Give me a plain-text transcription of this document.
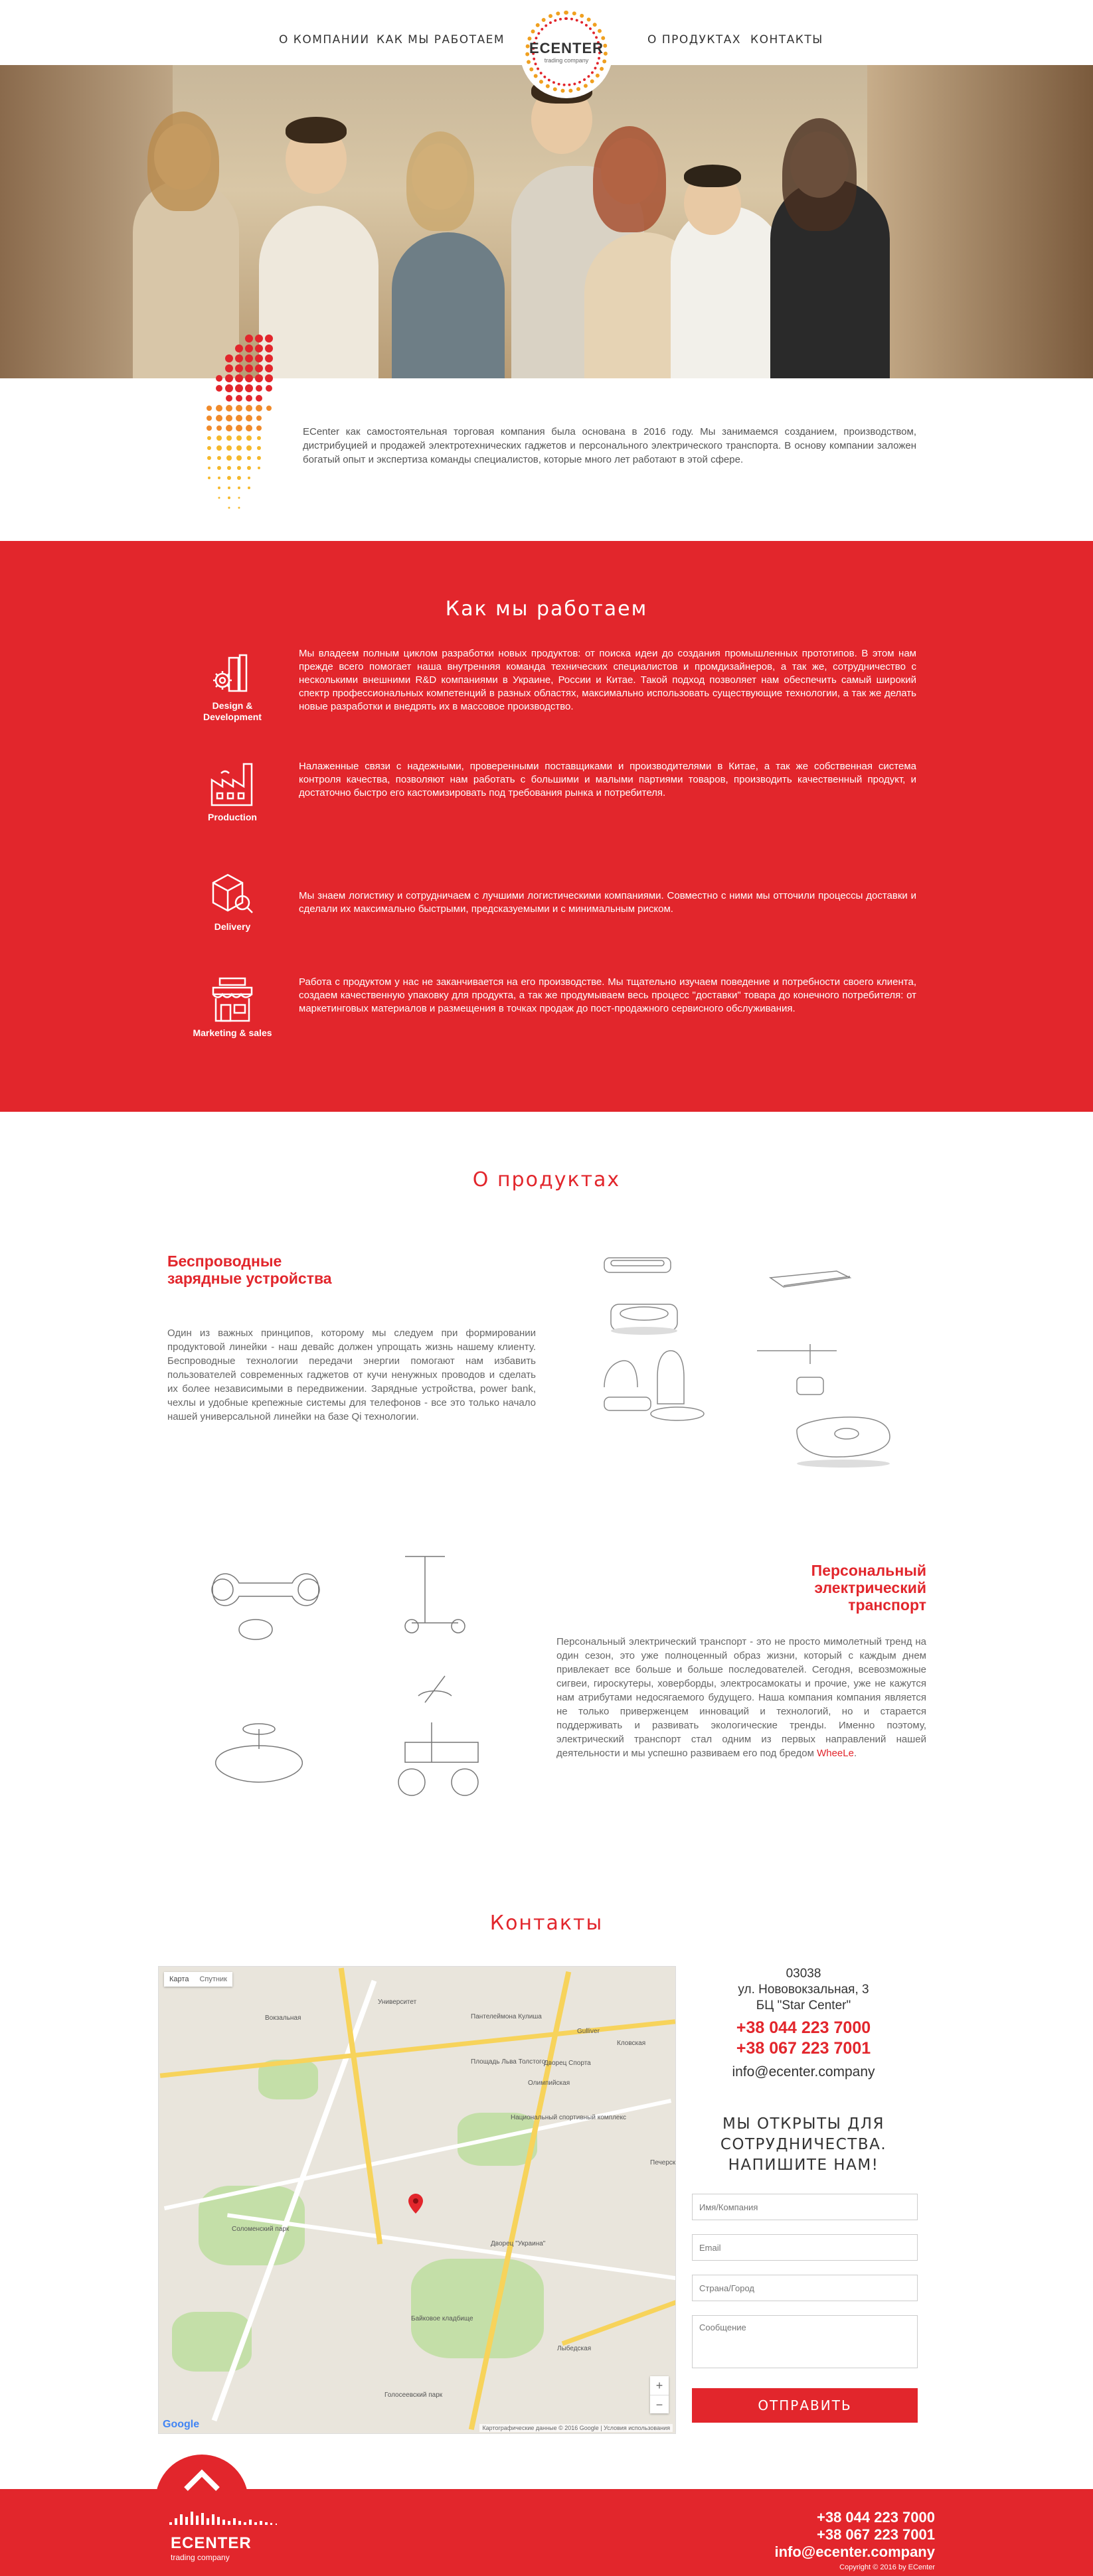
О КОМПАНИИ КАК МЫ РАБОТАЕМ	О ПРОДУКТАХ КОНТАКТЫ
ECENTER
trading company

ECenter как самостоятельная торговая компания была основана в 2016 году. Мы занимаемся созданием, производством, дистрибуцией и продажей электротехнических гаджетов и персонального электрического транспорта. В основу компании заложен богатый опыт и экспертиза команды специалистов, которые много лет работают в этой сфере.

Как мы работаем
Design & Development

Мы владеем полным циклом разработки новых продуктов: от поиска идеи до создания промышленных прототипов. В этом нам прежде всего помогает наша внутренняя команда технических специалистов и промдизайнеров, а так же, сотрудничество с несколькими внешними R&D компаниями в Украине, России и Китае. Такой подход позволяет нам обеспечить самый широкий спектр профессиональных компетенций в разных областях, максимально использовать существующие технологии, а так же делать новые разработки и внедрять их в массовое производство.

Production

Налаженные связи с надежными, проверенными поставщиками и производителями в Китае, а так же собственная система контроля качества, позволяют нам работать с большими и малыми партиями товаров, производить качественный продукт, и достаточно быстро его кастомизировать под требования рынка и потребителя.

Delivery

Мы знаем логистику и сотрудничаем с лучшими логистическими компаниями. Совместно с ними мы отточили процессы доставки и сделали их максимально быстрыми, предсказуемыми и с минимальным риском.

Marketing & sales

Работа с продуктом у нас не заканчивается на его производстве. Мы тщательно изучаем поведение и потребности своего клиента, создаем качественную упаковку для продукта, а так же продумываем весь процесс "доставки" товара до конечного потребителя: от маркетинговых материалов и размещения в точках продаж до пост-продажного сервисного обслуживания.

О продуктах
Беспроводные зарядные устройства
Один из важных принципов, которому мы следуем при формировании продуктовой линейки - наш девайс должен упрощать жизнь нашему клиенту. Беспроводные технологии передачи энергии помогают нам избавить пользователей современных гаджетов от кучи ненужных проводов и сделать их более независимыми в передвижении. Зарядные устройства, power bank, чехлы и удобные крепежные системы для телефонов - все это только начало нашей универсальной линейки на базе Qi технологии.
Персональный электрический транспорт
Персональный электрический транспорт - это не просто мимолетный тренд на один сезон, это уже полноценный образ жизни, который с каждым днем привлекает все больше и больше последователей. Сегодня, всевозможные сигвеи, гироскутеры, ховерборды, электросамокаты и прочие, уже не кажутся нам атрибутами недосягаемого будущего. Наша компания компания является не только приверженцем инноваций и технологий, но и старается поддерживать и развивать экологические тренды. Именно поэтому, электрический транспорт стал одним из первых направлений нашей деятельности и мы успешно развиваем его под бредом WheeLe.
Контакты
Университет
Вокзальная
Площадь Льва Толстого
Пантелеймона Кулиша
Олимпийская
Национальный спортивный комплекс
Дворец Спорта
Gulliver
Кловская
Соломенский парк
Дворец "Украина"
Байковое кладбище
Лыбедская
Печерск
Голосеевский парк
Карта	Спутник
+
−
Google	Картографические данные © 2016 Google | Условия использования
03038
ул. Нововокзальная, 3
БЦ "Star Center"
+38 044 223 7000
+38 067 223 7001
info@ecenter.company
МЫ ОТКРЫТЫ ДЛЯ СОТРУДНИЧЕСТВА. НАПИШИТЕ НАМ!
Имя/Компания
Email
Страна/Город
Сообщение
ОТПРАВИТЬ
ECENTER
trading company
+38 044 223 7000
+38 067 223 7001
info@ecenter.company
Copyright © 2016 by ECenter
